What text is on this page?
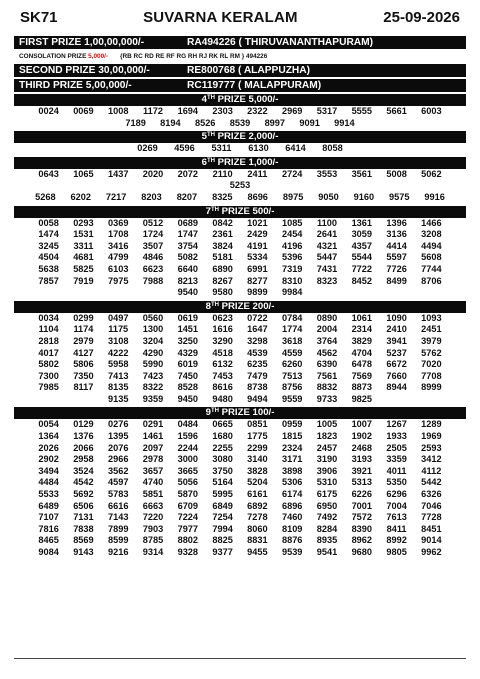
SK71	SUVARNA KERALAM	25-09-2026
FIRST PRIZE 1,00,00,000/-	RA494226 ( THIRUVANANTHAPURAM)
CONSOLATION PRIZE
5,000/- {RB RC RD RE RF RG RH RJ RK RL RM } 494226
SECOND PRIZE 30,00,000/-	RE800768 ( ALAPPUZHA)
THIRD PRIZE 5,00,000/-	RC119777 ( MALAPPURAM)
4TH PRIZE 5,000/-
0024	0069	1008	1172	1694	2303	2322	2969	5317	5555	5661	6003
7189	8194	8526	8539	8997	9091	9914
5TH PRIZE 2,000/-
0269	4596	5311	6130	6414	8058
6TH PRIZE 1,000/-
0643	1065	1437	2020	2072	2110	2411	2724	3553	3561	5008	5062
5253
5268	6202	7217	8203	8207	8325	8696	8975	9050	9160	9575	9916
7TH PRIZE 500/-
0058	0293	0369	0512	0689	0842	1021	1085	1100	1361	1396	1466
1474	1531	1708	1724	1747	2361	2429	2454	2641	3059	3136	3208
3245	3311	3416	3507	3754	3824	4191	4196	4321	4357	4414	4494
4504	4681	4799	4846	5082	5181	5334	5396	5447	5544	5597	5608
5638	5825	6103	6623	6640	6890	6991	7319	7431	7722	7726	7744
7857	7919	7975	7988	8213	8267	8277	8310	8323	8452	8499	8706
9540	9580	9899	9984
8TH PRIZE 200/-
0034	0299	0497	0560	0619	0623	0722	0784	0890	1061	1090	1093
1104	1174	1175	1300	1451	1616	1647	1774	2004	2314	2410	2451
2818	2979	3108	3204	3250	3290	3298	3618	3764	3829	3941	3979
4017	4127	4222	4290	4329	4518	4539	4559	4562	4704	5237	5762
5802	5806	5958	5990	6019	6132	6235	6260	6390	6478	6672	7020
7300	7350	7413	7423	7450	7453	7479	7513	7561	7569	7660	7708
7985	8117	8135	8322	8528	8616	8738	8756	8832	8873	8944	8999
9135	9359	9450	9480	9494	9559	9733	9825
9TH PRIZE 100/-
0054	0129	0276	0291	0484	0665	0851	0959	1005	1007	1267	1289
1364	1376	1395	1461	1596	1680	1775	1815	1823	1902	1933	1969
2026	2066	2076	2097	2244	2255	2299	2324	2457	2468	2505	2593
2902	2958	2966	2978	3000	3080	3140	3171	3190	3193	3359	3412
3494	3524	3562	3657	3665	3750	3828	3898	3906	3921	4011	4112
4484	4542	4597	4740	5056	5164	5204	5306	5310	5313	5350	5442
5533	5692	5783	5851	5870	5995	6161	6174	6175	6226	6296	6326
6489	6506	6616	6663	6709	6849	6892	6896	6950	7001	7004	7046
7107	7131	7143	7220	7224	7254	7278	7460	7492	7572	7613	7728
7816	7838	7899	7903	7977	7994	8060	8109	8284	8390	8411	8451
8465	8569	8599	8785	8802	8825	8831	8876	8935	8962	8992	9014
9084	9143	9216	9314	9328	9377	9455	9539	9541	9680	9805	9962
